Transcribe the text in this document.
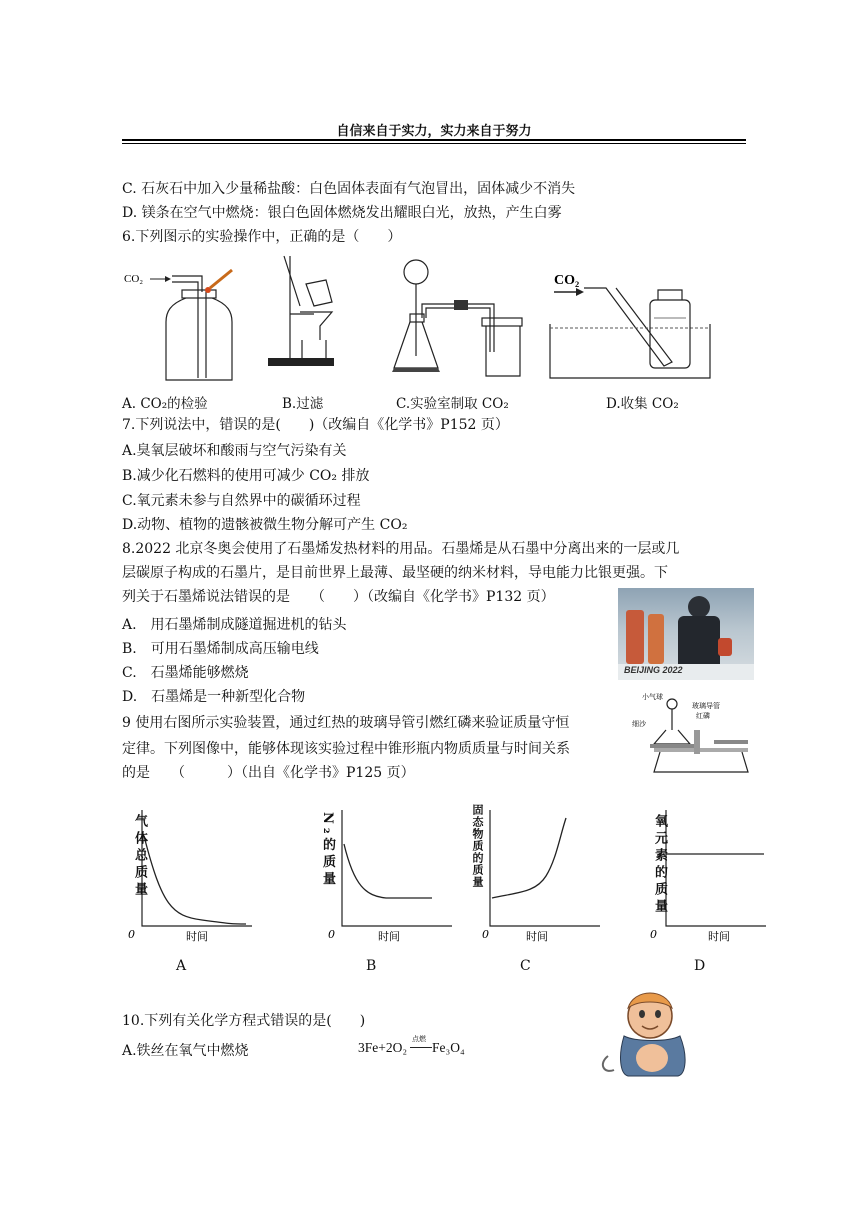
自信来自于实力，实力来自于努力
C. 石灰石中加入少量稀盐酸：白色固体表面有气泡冒出，固体减少不消失
D. 镁条在空气中燃烧：银白色固体燃烧发出耀眼白光，放热，产生白雾
6.下列图示的实验操作中，正确的是（　　）
CO₂	CO₂
A. CO₂的检验	B.过滤	C.实验室制取 CO₂	D.收集 CO₂
7.下列说法中，错误的是(　　)（改编自《化学书》P152 页）
A.臭氧层破坏和酸雨与空气污染有关
B.减少化石燃料的使用可减少 CO₂ 排放
C.氧元素未参与自然界中的碳循环过程
D.动物、植物的遗骸被微生物分解可产生 CO₂
8.2022 北京冬奥会使用了石墨烯发热材料的用品。石墨烯是从石墨中分离出来的一层或几
层碳原子构成的石墨片，是目前世界上最薄、最坚硬的纳米材料，导电能力比银更强。下
列关于石墨烯说法错误的是　　（　　）（改编自《化学书》P132 页）
A.　用石墨烯制成隧道掘进机的钻头
B.　可用石墨烯制成高压输电线
C.　石墨烯能够燃烧
D.　石墨烯是一种新型化合物
BEIJING 2022
9 使用右图所示实验装置，通过红热的玻璃导管引燃红磷来验证质量守恒
定律。下列图像中，能够体现该实验过程中锥形瓶内物质质量与时间关系
的是　　（　　　）（出自《化学书》P125 页）
小气球
玻璃导管
红磷
细沙
0	时间
气体总质量
A
0	时间
N₂的质量
B
0	时间
固态物质的质量
C
0	时间
氧元素的质量
D
10.下列有关化学方程式错误的是(　　)
A.铁丝在氧气中燃烧	3Fe+2O₂
点燃
Fe₃O₄
